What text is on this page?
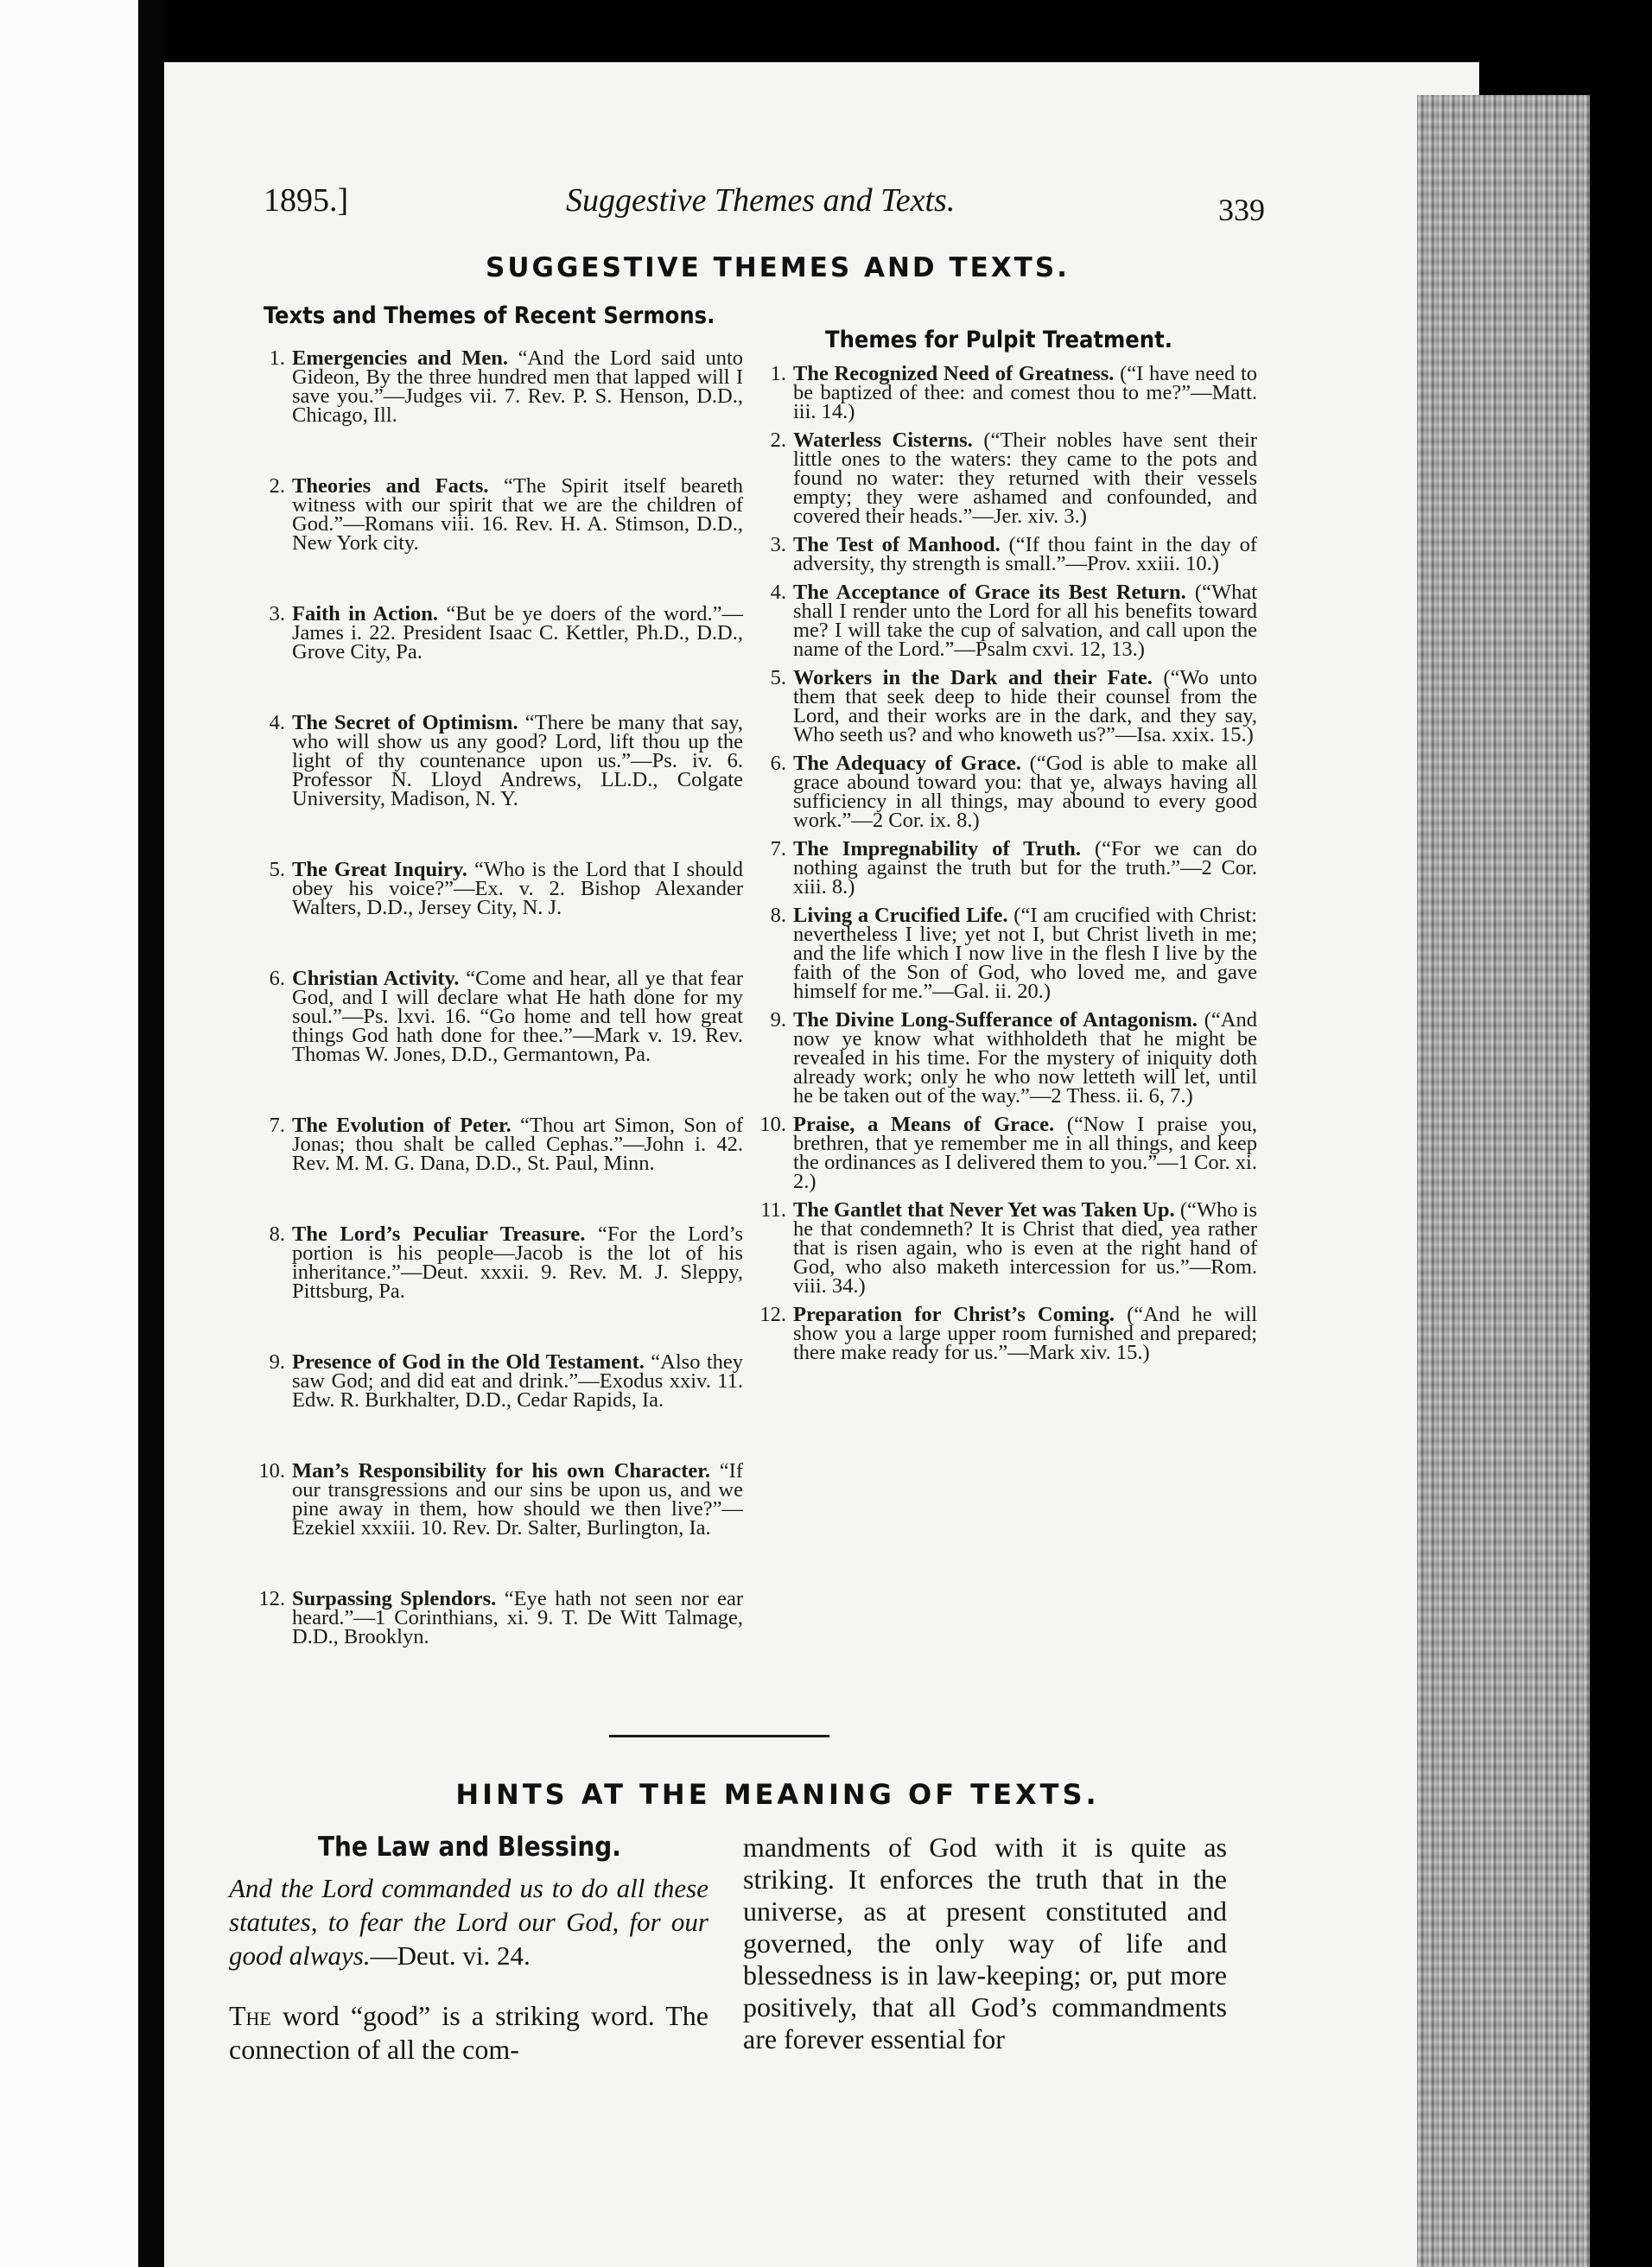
1895.]	Suggestive Themes and Texts.	339
SUGGESTIVE THEMES AND TEXTS.
Texts and Themes of Recent Sermons.
Themes for Pulpit Treatment.
1. Emergencies and Men. “And the Lord said unto Gideon, By the three hundred men that lapped will I save you.”—Judges vii. 7. Rev. P. S. Henson, D.D., Chicago, Ill.
2. Theories and Facts. “The Spirit itself beareth witness with our spirit that we are the children of God.”—Romans viii. 16. Rev. H. A. Stimson, D.D., New York city.
3. Faith in Action. “But be ye doers of the word.”—James i. 22. President Isaac C. Kettler, Ph.D., D.D., Grove City, Pa.
4. The Secret of Optimism. “There be many that say, who will show us any good? Lord, lift thou up the light of thy countenance upon us.”—Ps. iv. 6. Professor N. Lloyd Andrews, LL.D., Colgate University, Madison, N. Y.
5. The Great Inquiry. “Who is the Lord that I should obey his voice?”—Ex. v. 2. Bishop Alexander Walters, D.D., Jersey City, N. J.
6. Christian Activity. “Come and hear, all ye that fear God, and I will declare what He hath done for my soul.”—Ps. lxvi. 16. “Go home and tell how great things God hath done for thee.”—Mark v. 19. Rev. Thomas W. Jones, D.D., Germantown, Pa.
7. The Evolution of Peter. “Thou art Simon, Son of Jonas; thou shalt be called Cephas.”—John i. 42. Rev. M. M. G. Dana, D.D., St. Paul, Minn.
8. The Lord’s Peculiar Treasure. “For the Lord’s portion is his people—Jacob is the lot of his inheritance.”—Deut. xxxii. 9. Rev. M. J. Sleppy, Pittsburg, Pa.
9. Presence of God in the Old Testament. “Also they saw God; and did eat and drink.”—Exodus xxiv. 11. Edw. R. Burkhalter, D.D., Cedar Rapids, Ia.
10. Man’s Responsibility for his own Character. “If our transgressions and our sins be upon us, and we pine away in them, how should we then live?”—Ezekiel xxxiii. 10. Rev. Dr. Salter, Burlington, Ia.
12. Surpassing Splendors. “Eye hath not seen nor ear heard.”—1 Corinthians, xi. 9. T. De Witt Talmage, D.D., Brooklyn.
1. The Recognized Need of Greatness. (“I have need to be baptized of thee: and comest thou to me?”—Matt. iii. 14.)
2. Waterless Cisterns. (“Their nobles have sent their little ones to the waters: they came to the pots and found no water: they returned with their vessels empty; they were ashamed and confounded, and covered their heads.”—Jer. xiv. 3.)
3. The Test of Manhood. (“If thou faint in the day of adversity, thy strength is small.”—Prov. xxiii. 10.)
4. The Acceptance of Grace its Best Return. (“What shall I render unto the Lord for all his benefits toward me? I will take the cup of salvation, and call upon the name of the Lord.”—Psalm cxvi. 12, 13.)
5. Workers in the Dark and their Fate. (“Wo unto them that seek deep to hide their counsel from the Lord, and their works are in the dark, and they say, Who seeth us? and who knoweth us?”—Isa. xxix. 15.)
6. The Adequacy of Grace. (“God is able to make all grace abound toward you: that ye, always having all sufficiency in all things, may abound to every good work.”—2 Cor. ix. 8.)
7. The Impregnability of Truth. (“For we can do nothing against the truth but for the truth.”—2 Cor. xiii. 8.)
8. Living a Crucified Life. (“I am crucified with Christ: nevertheless I live; yet not I, but Christ liveth in me; and the life which I now live in the flesh I live by the faith of the Son of God, who loved me, and gave himself for me.”—Gal. ii. 20.)
9. The Divine Long-Sufferance of Antagonism. (“And now ye know what withholdeth that he might be revealed in his time. For the mystery of iniquity doth already work; only he who now letteth will let, until he be taken out of the way.”—2 Thess. ii. 6, 7.)
10. Praise, a Means of Grace. (“Now I praise you, brethren, that ye remember me in all things, and keep the ordinances as I delivered them to you.”—1 Cor. xi. 2.)
11. The Gantlet that Never Yet was Taken Up. (“Who is he that condemneth? It is Christ that died, yea rather that is risen again, who is even at the right hand of God, who also maketh intercession for us.”—Rom. viii. 34.)
12. Preparation for Christ’s Coming. (“And he will show you a large upper room furnished and prepared; there make ready for us.”—Mark xiv. 15.)
HINTS AT THE MEANING OF TEXTS.
The Law and Blessing.
And the Lord commanded us to do all these statutes, to fear the Lord our God, for our good always.—Deut. vi. 24.
The word “good” is a striking word. The connection of all the com-
mandments of God with it is quite as striking. It enforces the truth that in the universe, as at present constituted and governed, the only way of life and blessedness is in law-keeping; or, put more positively, that all God’s commandments are forever essential for
